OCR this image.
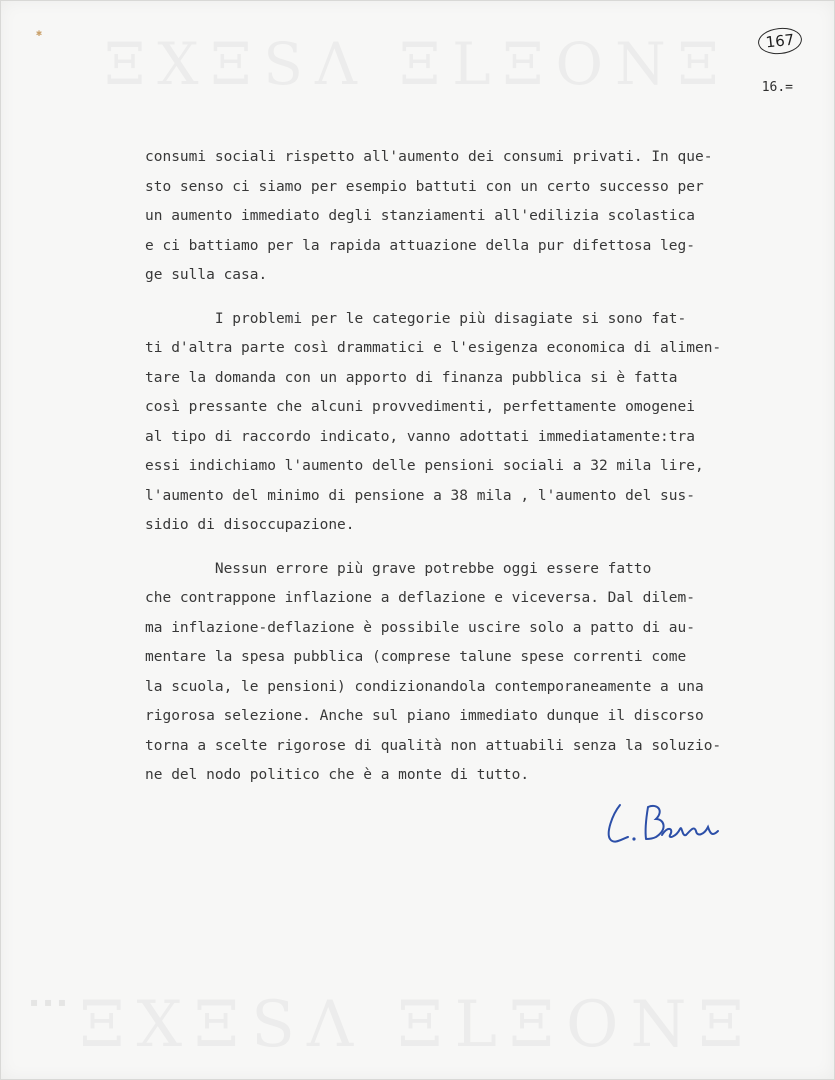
ΞXΞSΛ ΞLΞOΝΞ
ΞXΞSΛ ΞLΞOΝΞ
▪ ▪ ▪
✱	167
16.=

consumi sociali rispetto all'aumento dei consumi privati. In que-

sto senso ci siamo per esempio battuti con un certo successo per

un aumento immediato degli stanziamenti all'edilizia scolastica

e ci battiamo per la rapida attuazione della pur difettosa leg-

ge sulla casa.

I problemi per le categorie più disagiate si sono fat-

ti d'altra parte così drammatici e l'esigenza economica di alimen-

tare la domanda con un apporto di finanza pubblica si è fatta

così pressante che alcuni provvedimenti, perfettamente omogenei

al tipo di raccordo indicato, vanno adottati immediatamente:tra

essi indichiamo l'aumento delle pensioni sociali a 32 mila lire,

l'aumento del minimo di pensione a 38 mila , l'aumento del sus-

sidio di disoccupazione.

Nessun errore più grave potrebbe oggi essere fatto

che contrappone inflazione a deflazione e viceversa. Dal dilem-

ma inflazione-deflazione è possibile uscire solo a patto di au-

mentare la spesa pubblica (comprese talune spese correnti come

la scuola, le pensioni) condizionandola contemporaneamente a una

rigorosa selezione. Anche sul piano immediato dunque il discorso

torna a scelte rigorose di qualità non attuabili senza la soluzio-

ne del nodo politico che è a monte di tutto.
